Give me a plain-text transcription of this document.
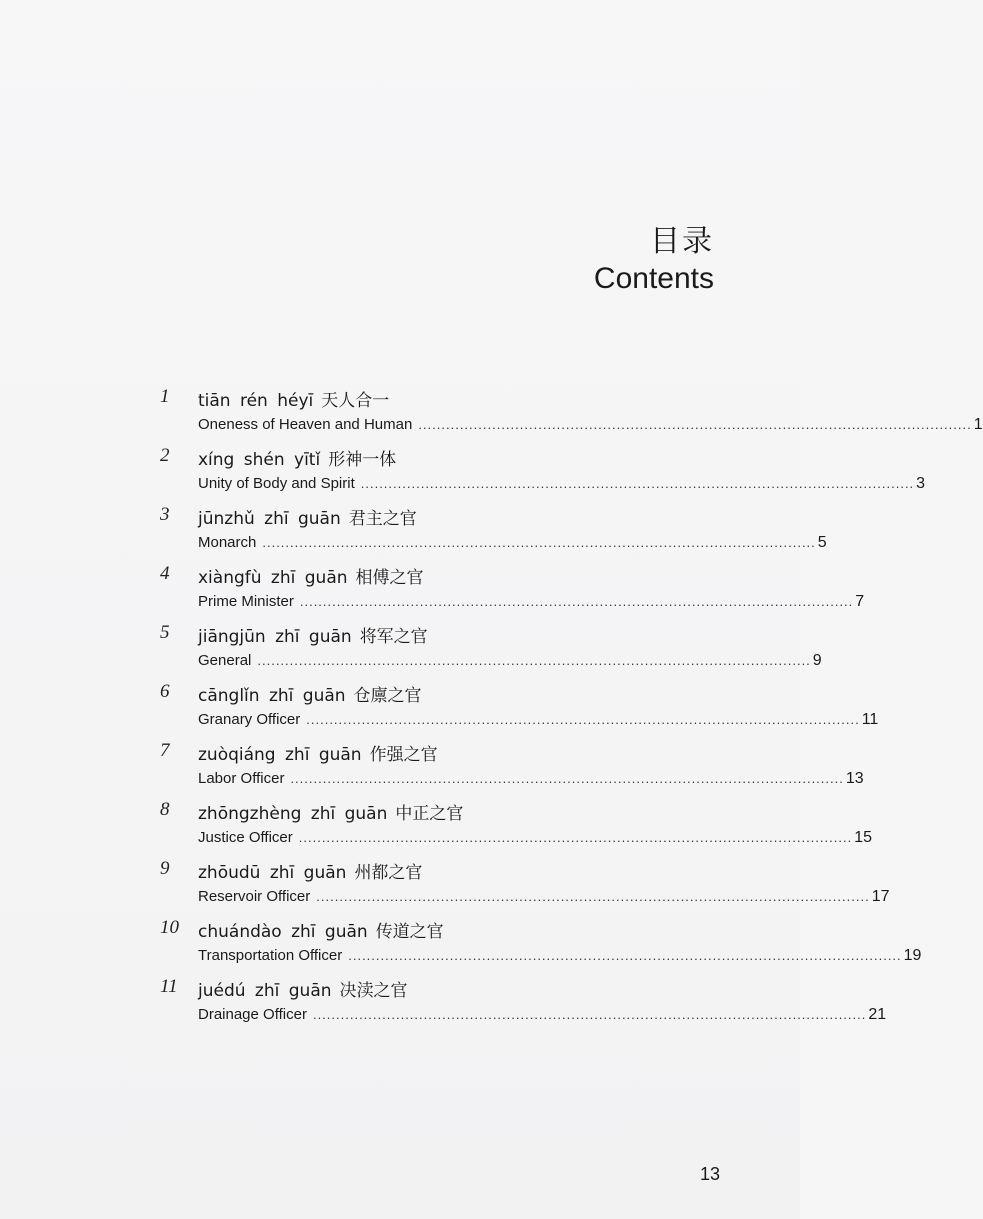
目录
Contents
1 tiān rén héyī 天人合一
Oneness of Heaven and Human ........................................................................................................................ 1
2 xíng shén yītǐ 形神一体
Unity of Body and Spirit ........................................................................................................................ 3
3 jūnzhǔ zhī guān 君主之官
Monarch ........................................................................................................................ 5
4 xiàngfù zhī guān 相傅之官
Prime Minister ........................................................................................................................ 7
5 jiāngjūn zhī guān 将军之官
General ........................................................................................................................ 9
6 cānglǐn zhī guān 仓廪之官
Granary Officer ........................................................................................................................ 11
7 zuòqiáng zhī guān 作强之官
Labor Officer ........................................................................................................................ 13
8 zhōngzhèng zhī guān 中正之官
Justice Officer ........................................................................................................................ 15
9 zhōudū zhī guān 州都之官
Reservoir Officer ........................................................................................................................ 17
10 chuándào zhī guān 传道之官
Transportation Officer ........................................................................................................................ 19
11 juédú zhī guān 决渎之官
Drainage Officer ........................................................................................................................ 21
13
